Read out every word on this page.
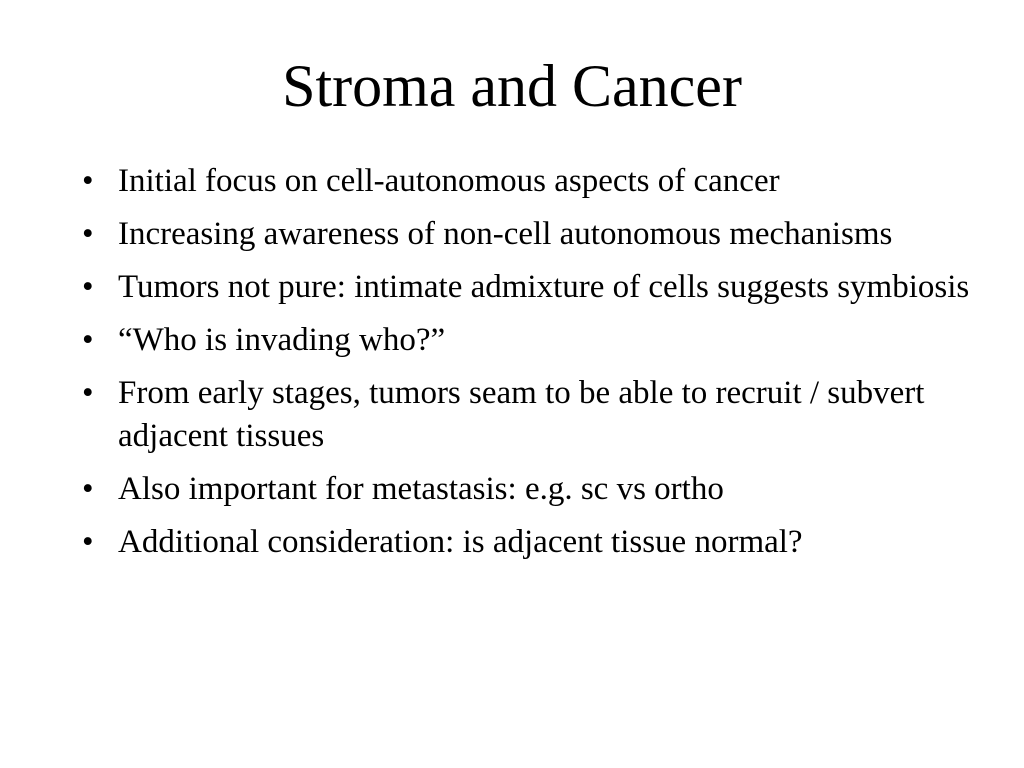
Stroma and Cancer
• Initial focus on cell-autonomous aspects of cancer
• Increasing awareness of non-cell autonomous mechanisms
• Tumors not pure: intimate admixture of cells suggests symbiosis
• “Who is invading who?”
• From early stages, tumors seam to be able to recruit / subvert adjacent tissues
• Also important for metastasis: e.g. sc vs ortho
• Additional consideration: is adjacent tissue normal?
